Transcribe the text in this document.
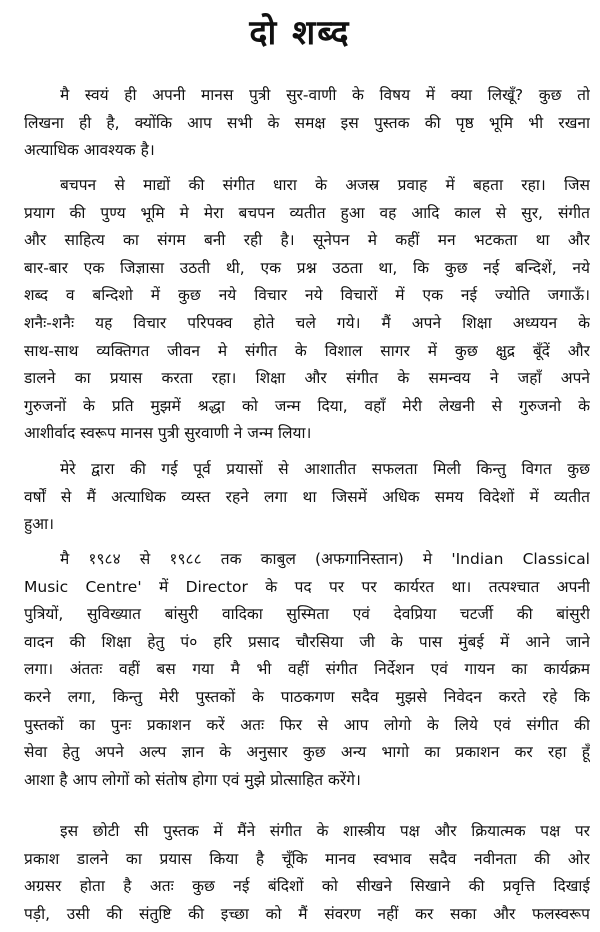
दो शब्द
मै स्वयं ही अपनी मानस पुत्री सुर-वाणी के विषय में क्या लिखूँ? कुछ तो
लिखना ही है, क्योंकि आप सभी के समक्ष इस पुस्तक की पृष्ठ भूमि भी रखना
अत्याधिक आवश्यक है।
बचपन से माद्यों की संगीत धारा के अजस्र प्रवाह में बहता रहा। जिस
प्रयाग की पुण्य भूमि मे मेरा बचपन व्यतीत हुआ वह आदि काल से सुर, संगीत
और साहित्य का संगम बनी रही है। सूनेपन मे कहीं मन भटकता था और
बार-बार एक जिज्ञासा उठती थी, एक प्रश्न उठता था, कि कुछ नई बन्दिशें, नये
शब्द व बन्दिशो में कुछ नये विचार नये विचारों में एक नई ज्योति जगाऊँ।
शनैः-शनैः यह विचार परिपक्व होते चले गये। मैं अपने शिक्षा अध्ययन के
साथ-साथ व्यक्तिगत जीवन मे संगीत के विशाल सागर में कुछ क्षुद्र बूँदें और
डालने का प्रयास करता रहा। शिक्षा और संगीत के समन्वय ने जहाँ अपने
गुरुजनों के प्रति मुझमें श्रद्धा को जन्म दिया, वहाँ मेरी लेखनी से गुरुजनो के
आशीर्वाद स्वरूप मानस पुत्री सुरवाणी ने जन्म लिया।
मेरे द्वारा की गई पूर्व प्रयासों से आशातीत सफलता मिली किन्तु विगत कुछ
वर्षों से मैं अत्याधिक व्यस्त रहने लगा था जिसमें अधिक समय विदेशों में व्यतीत
हुआ।
मै १९८४ से १९८८ तक काबुल (अफगानिस्तान) मे 'Indian Classical
Music Centre' में Director के पद पर पर कार्यरत था। तत्पश्चात अपनी
पुत्रियों, सुविख्यात बांसुरी वादिका सुस्मिता एवं देवप्रिया चटर्जी की बांसुरी
वादन की शिक्षा हेतु पं० हरि प्रसाद चौरसिया जी के पास मुंबई में आने जाने
लगा। अंततः वहीं बस गया मै भी वहीं संगीत निर्देशन एवं गायन का कार्यक्रम
करने लगा, किन्तु मेरी पुस्तकों के पाठकगण सदैव मुझसे निवेदन करते रहे कि
पुस्तकों का पुनः प्रकाशन करें अतः फिर से आप लोगो के लिये एवं संगीत की
सेवा हेतु अपने अल्प ज्ञान के अनुसार कुछ अन्य भागो का प्रकाशन कर रहा हूँ
आशा है आप लोगों को संतोष होगा एवं मुझे प्रोत्साहित करेंगे।
इस छोटी सी पुस्तक में मैंने संगीत के शास्त्रीय पक्ष और क्रियात्मक पक्ष पर
प्रकाश डालने का प्रयास किया है चूँकि मानव स्वभाव सदैव नवीनता की ओर
अग्रसर होता है अतः कुछ नई बंदिशों को सीखने सिखाने की प्रवृत्ति दिखाई
पड़ी, उसी की संतुष्टि की इच्छा को मैं संवरण नहीं कर सका और फलस्वरूप
